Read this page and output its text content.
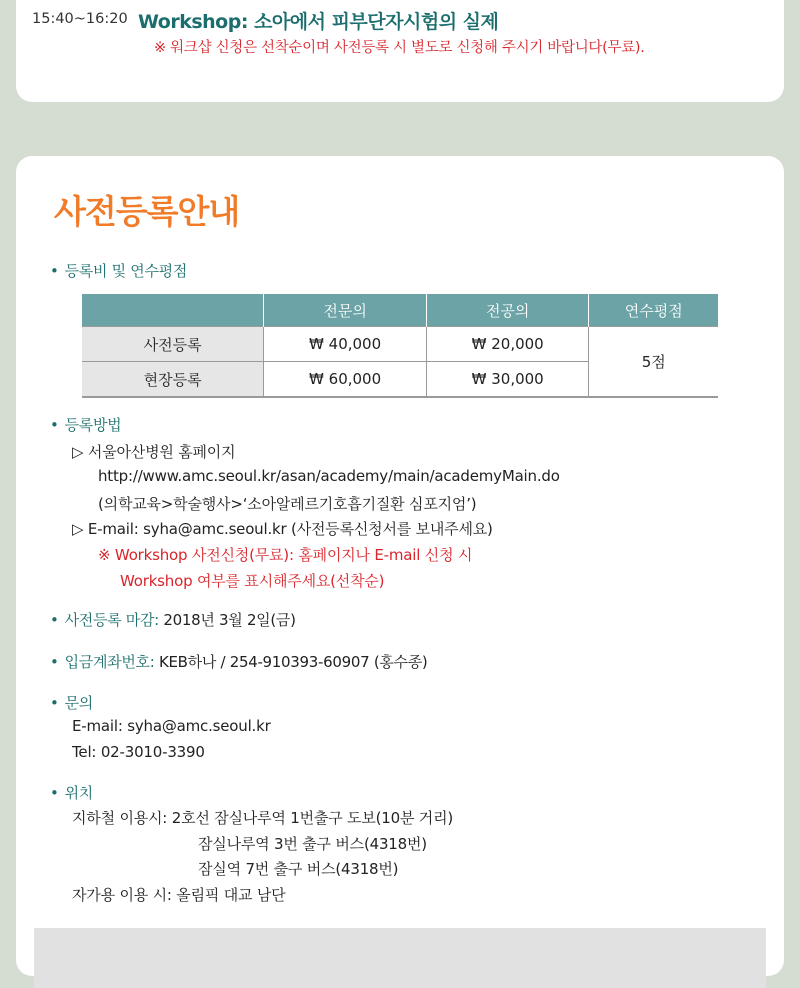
15:40~16:20 Workshop: 소아에서 피부단자시험의 실제
※ 워크샵 신청은 선착순이며 사전등록 시 별도로 신청해 주시기 바랍니다(무료).
사전등록안내
• 등록비 및 연수평점
	전문의	전공의	연수평점
사전등록	₩ 40,000	₩ 20,000	5점
현장등록	₩ 60,000	₩ 30,000	
• 등록방법
▷ 서울아산병원 홈페이지
http://www.amc.seoul.kr/asan/academy/main/academyMain.do
(의학교육>학술행사>‘소아알레르기호흡기질환 심포지엄’)
▷ E-mail: syha@amc.seoul.kr (사전등록신청서를 보내주세요)
※ Workshop 사전신청(무료): 홈페이지나 E-mail 신청 시
Workshop 여부를 표시해주세요(선착순)
• 사전등록 마감: 2018년 3월 2일(금)
• 입금계좌번호: KEB하나 / 254-910393-60907 (홍수종)
• 문의
E-mail: syha@amc.seoul.kr
Tel: 02-3010-3390
• 위치
지하철 이용시: 2호선 잠실나루역 1번출구 도보(10분 거리)
잠실나루역 3번 출구 버스(4318번)
잠실역 7번 출구 버스(4318번)
자가용 이용 시: 올림픽 대교 남단
